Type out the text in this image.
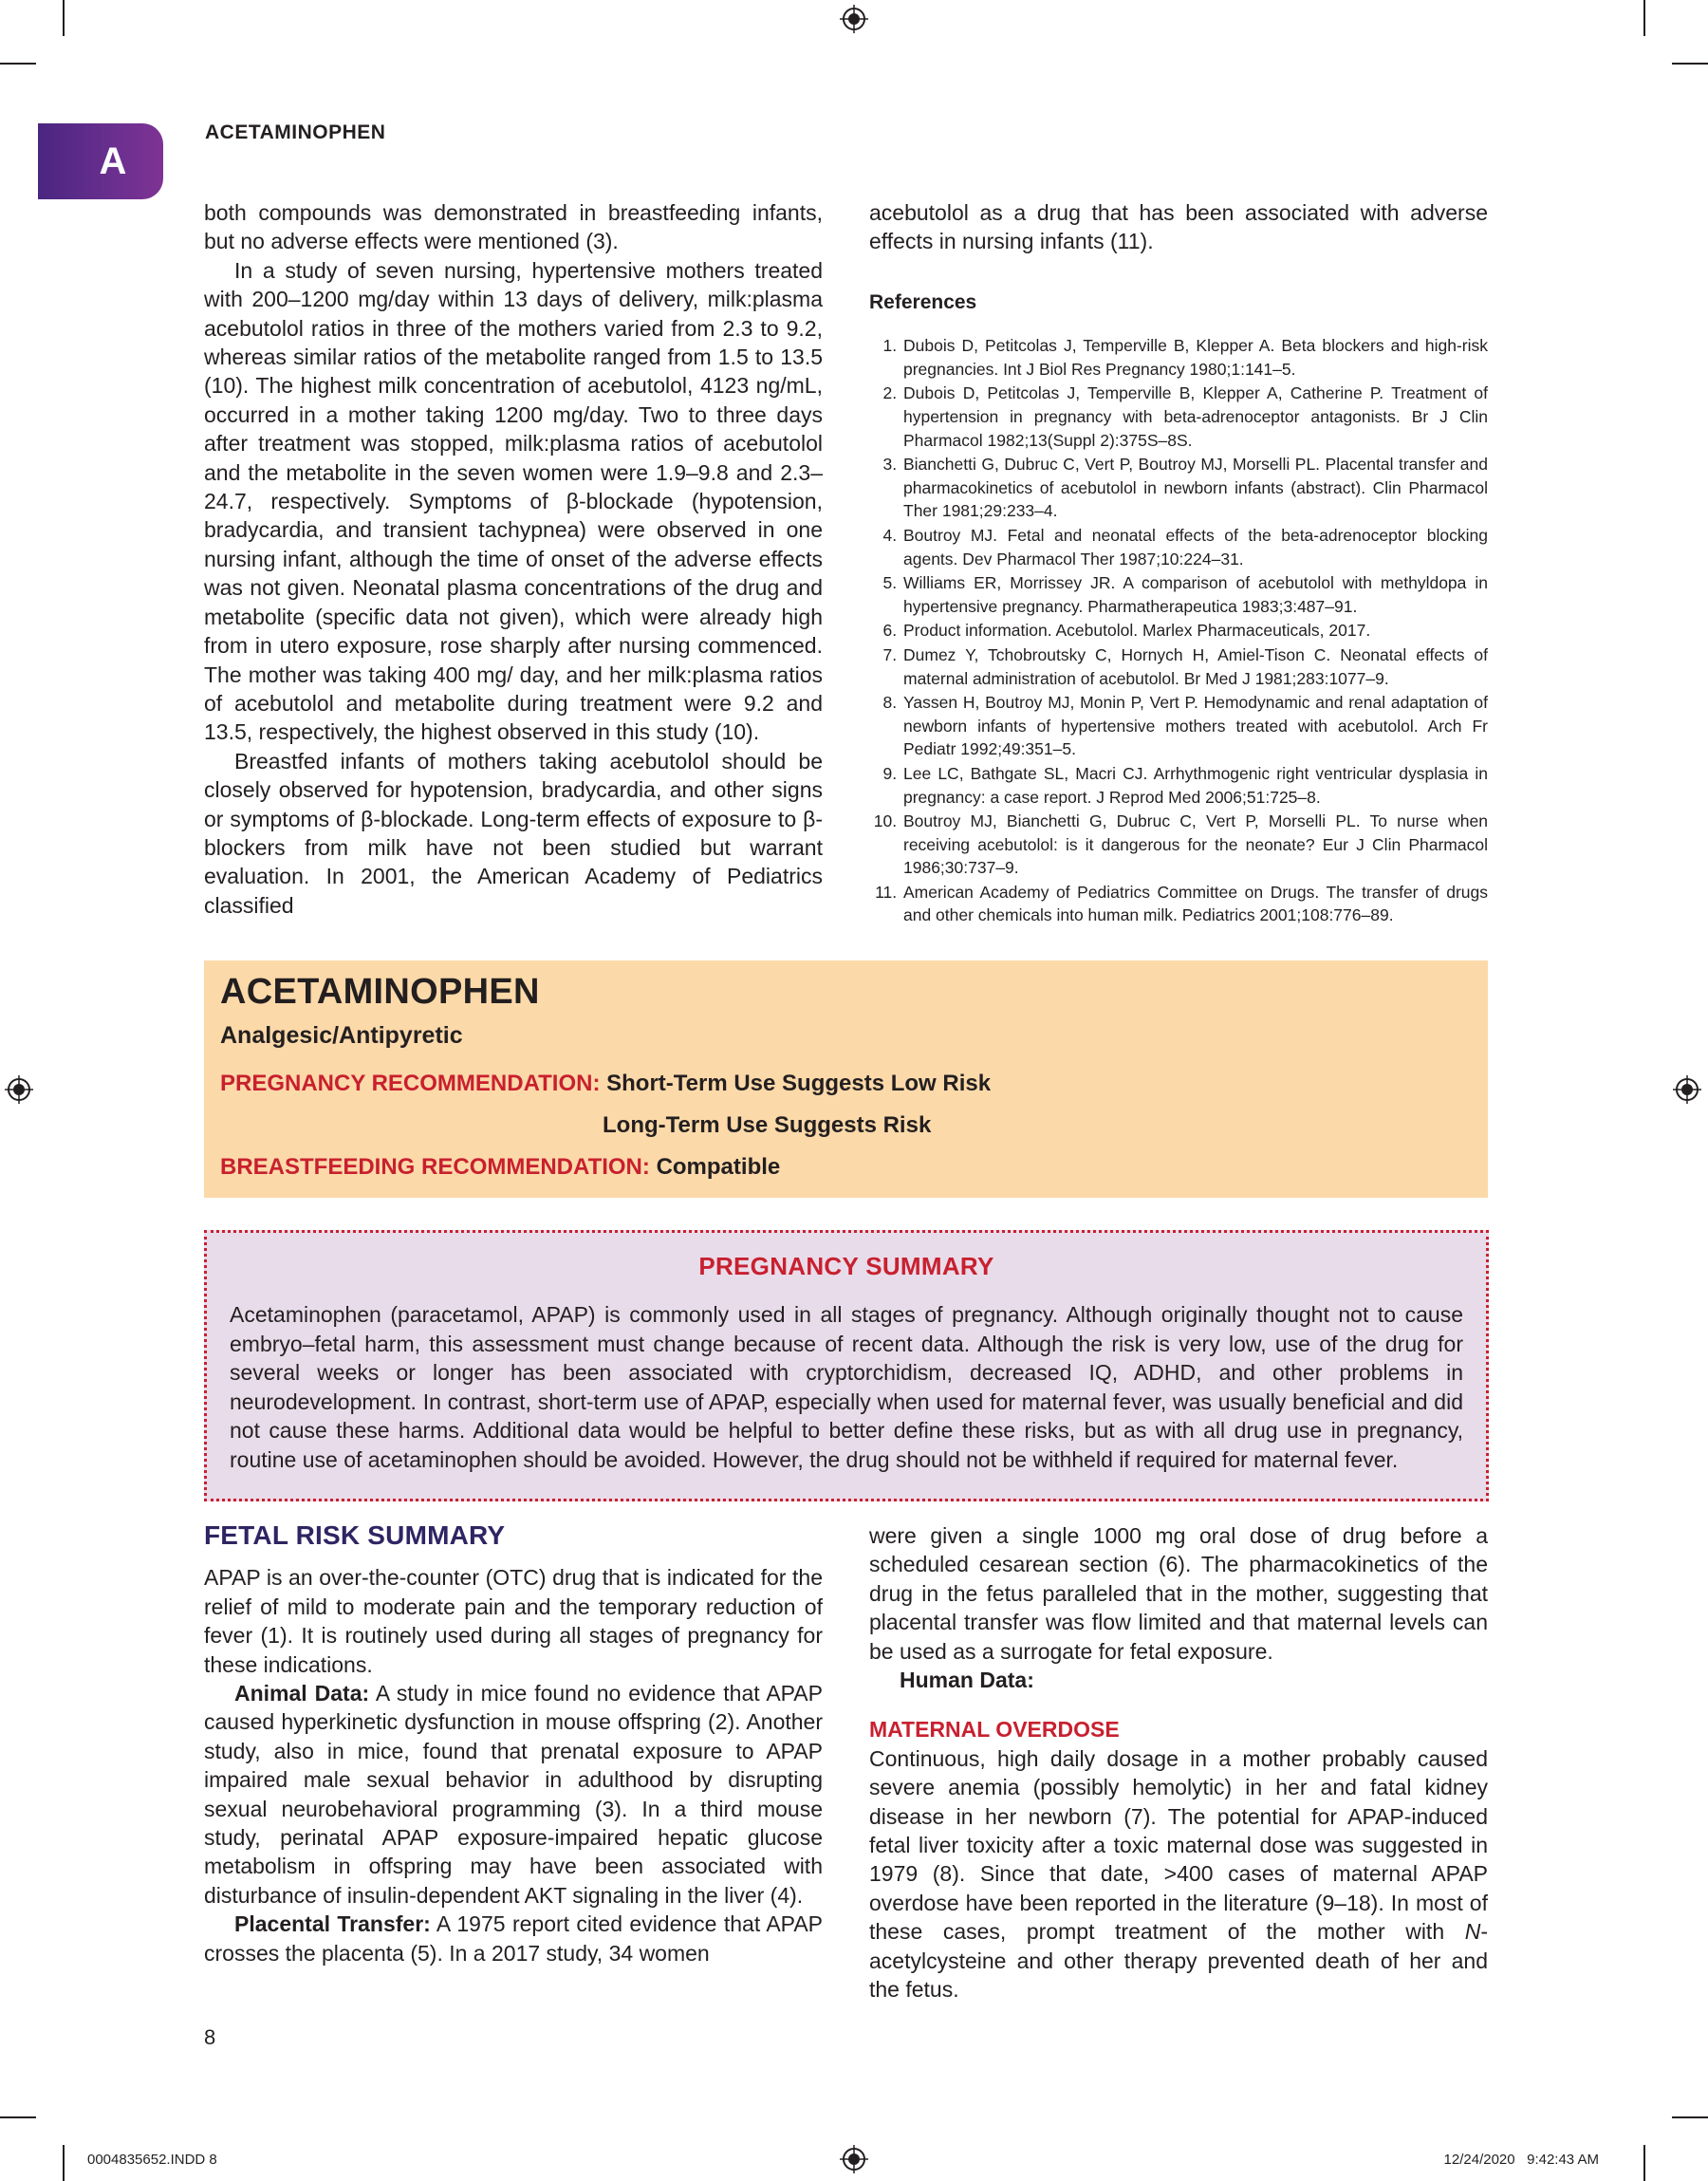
A
ACETAMINOPHEN

both compounds was demonstrated in breastfeeding infants, but no adverse effects were mentioned (3).

In a study of seven nursing, hypertensive mothers treated with 200–1200 mg/day within 13 days of delivery, milk:plasma acebutolol ratios in three of the mothers varied from 2.3 to 9.2, whereas similar ratios of the metabolite ranged from 1.5 to 13.5 (10). The highest milk concentration of acebutolol, 4123 ng/mL, occurred in a mother taking 1200 mg/day. Two to three days after treatment was stopped, milk:plasma ratios of acebutolol and the metabolite in the seven women were 1.9–9.8 and 2.3–24.7, respectively. Symptoms of β-blockade (hypotension, bradycardia, and transient tachypnea) were observed in one nursing infant, although the time of onset of the adverse effects was not given. Neonatal plasma concentrations of the drug and metabolite (specific data not given), which were already high from in utero exposure, rose sharply after nursing commenced. The mother was taking 400 mg/ day, and her milk:plasma ratios of acebutolol and metabolite during treatment were 9.2 and 13.5, respectively, the highest observed in this study (10).

Breastfed infants of mothers taking acebutolol should be closely observed for hypotension, bradycardia, and other signs or symptoms of β-blockade. Long-term effects of exposure to β-blockers from milk have not been studied but warrant evaluation. In 2001, the American Academy of Pediatrics classified

acebutolol as a drug that has been associated with adverse effects in nursing infants (11).

References
1. Dubois D, Petitcolas J, Temperville B, Klepper A. Beta blockers and high-risk pregnancies. Int J Biol Res Pregnancy 1980;1:141–5.
2. Dubois D, Petitcolas J, Temperville B, Klepper A, Catherine P. Treatment of hypertension in pregnancy with beta-adrenoceptor antagonists. Br J Clin Pharmacol 1982;13(Suppl 2):375S–8S.
3. Bianchetti G, Dubruc C, Vert P, Boutroy MJ, Morselli PL. Placental transfer and pharmacokinetics of acebutolol in newborn infants (abstract). Clin Pharmacol Ther 1981;29:233–4.
4. Boutroy MJ. Fetal and neonatal effects of the beta-adrenoceptor blocking agents. Dev Pharmacol Ther 1987;10:224–31.
5. Williams ER, Morrissey JR. A comparison of acebutolol with methyldopa in hypertensive pregnancy. Pharmatherapeutica 1983;3:487–91.
6. Product information. Acebutolol. Marlex Pharmaceuticals, 2017.
7. Dumez Y, Tchobroutsky C, Hornych H, Amiel-Tison C. Neonatal effects of maternal administration of acebutolol. Br Med J 1981;283:1077–9.
8. Yassen H, Boutroy MJ, Monin P, Vert P. Hemodynamic and renal adaptation of newborn infants of hypertensive mothers treated with acebutolol. Arch Fr Pediatr 1992;49:351–5.
9. Lee LC, Bathgate SL, Macri CJ. Arrhythmogenic right ventricular dysplasia in pregnancy: a case report. J Reprod Med 2006;51:725–8.
10. Boutroy MJ, Bianchetti G, Dubruc C, Vert P, Morselli PL. To nurse when receiving acebutolol: is it dangerous for the neonate? Eur J Clin Pharmacol 1986;30:737–9.
11. American Academy of Pediatrics Committee on Drugs. The transfer of drugs and other chemicals into human milk. Pediatrics 2001;108:776–89.
ACETAMINOPHEN
Analgesic/Antipyretic
PREGNANCY RECOMMENDATION: Short-Term Use Suggests Low Risk
Long-Term Use Suggests Risk
BREASTFEEDING RECOMMENDATION: Compatible
PREGNANCY SUMMARY
Acetaminophen (paracetamol, APAP) is commonly used in all stages of pregnancy. Although originally thought not to cause embryo–fetal harm, this assessment must change because of recent data. Although the risk is very low, use of the drug for several weeks or longer has been associated with cryptorchidism, decreased IQ, ADHD, and other problems in neurodevelopment. In contrast, short-term use of APAP, especially when used for maternal fever, was usually beneficial and did not cause these harms. Additional data would be helpful to better define these risks, but as with all drug use in pregnancy, routine use of acetaminophen should be avoided. However, the drug should not be withheld if required for maternal fever.
FETAL RISK SUMMARY

APAP is an over-the-counter (OTC) drug that is indicated for the relief of mild to moderate pain and the temporary reduction of fever (1). It is routinely used during all stages of pregnancy for these indications.

Animal Data: A study in mice found no evidence that APAP caused hyperkinetic dysfunction in mouse offspring (2). Another study, also in mice, found that prenatal exposure to APAP impaired male sexual behavior in adulthood by disrupting sexual neurobehavioral programming (3). In a third mouse study, perinatal APAP exposure-impaired hepatic glucose metabolism in offspring may have been associated with disturbance of insulin-dependent AKT signaling in the liver (4).

Placental Transfer: A 1975 report cited evidence that APAP crosses the placenta (5). In a 2017 study, 34 women

were given a single 1000 mg oral dose of drug before a scheduled cesarean section (6). The pharmacokinetics of the drug in the fetus paralleled that in the mother, suggesting that placental transfer was flow limited and that maternal levels can be used as a surrogate for fetal exposure.

Human Data:

MATERNAL OVERDOSE

Continuous, high daily dosage in a mother probably caused severe anemia (possibly hemolytic) in her and fatal kidney disease in her newborn (7). The potential for APAP-induced fetal liver toxicity after a toxic maternal dose was suggested in 1979 (8). Since that date, >400 cases of maternal APAP overdose have been reported in the literature (9–18). In most of these cases, prompt treatment of the mother with N-acetylcysteine and other therapy prevented death of her and the fetus.

8
0004835652.INDD 8	12/24/2020   9:42:43 AM
